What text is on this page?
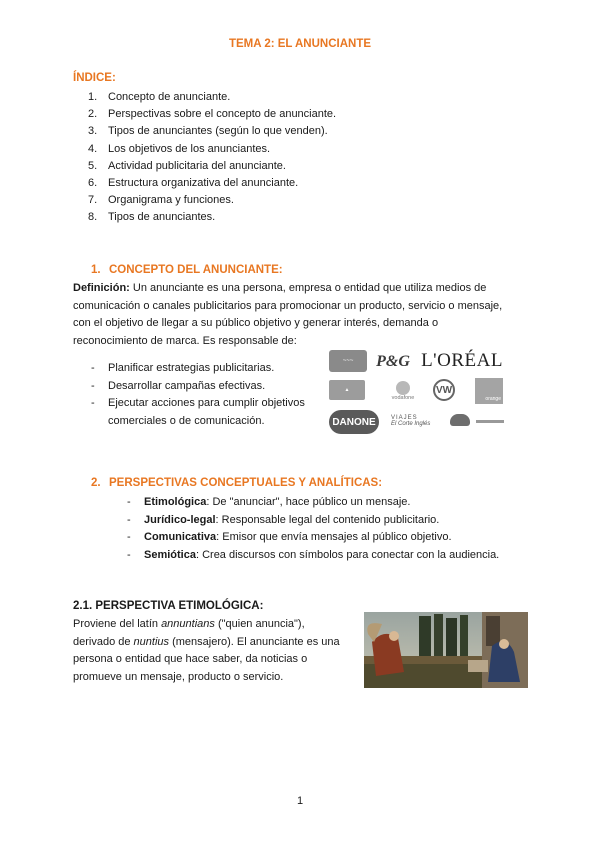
TEMA 2: EL ANUNCIANTE
ÍNDICE:
1. Concepto de anunciante.
2. Perspectivas sobre el concepto de anunciante.
3. Tipos de anunciantes (según lo que venden).
4. Los objetivos de los anunciantes.
5. Actividad publicitaria del anunciante.
6. Estructura organizativa del anunciante.
7. Organigrama y funciones.
8. Tipos de anunciantes.
1. CONCEPTO DEL ANUNCIANTE:
Definición: Un anunciante es una persona, empresa o entidad que utiliza medios de
comunicación o canales publicitarios para promocionar un producto, servicio o mensaje,
con el objetivo de llegar a su público objetivo y generar interés, demanda o
reconocimiento de marca. Es responsable de:
-	Planificar estrategias publicitarias.
-	Desarrollar campañas efectivas.
-	Ejecutar acciones para cumplir objetivos
comerciales o de comunicación.
~~~ P&G L'ORÉAL
▲
vodafone
VW
orange
DANONE	VIAJES
El Corte Inglés
2. PERSPECTIVAS CONCEPTUALES Y ANALÍTICAS:
-	Etimológica: De "anunciar", hace público un mensaje.
-	Jurídico-legal: Responsable legal del contenido publicitario.
-	Comunicativa: Emisor que envía mensajes al público objetivo.
-	Semiótica: Crea discursos con símbolos para conectar con la audiencia.
2.1. PERSPECTIVA ETIMOLÓGICA:
Proviene del latín annuntians ("quien anuncia"),
derivado de nuntius (mensajero). El anunciante es una
persona o entidad que hace saber, da noticias o
promueve un mensaje, producto o servicio.
1
